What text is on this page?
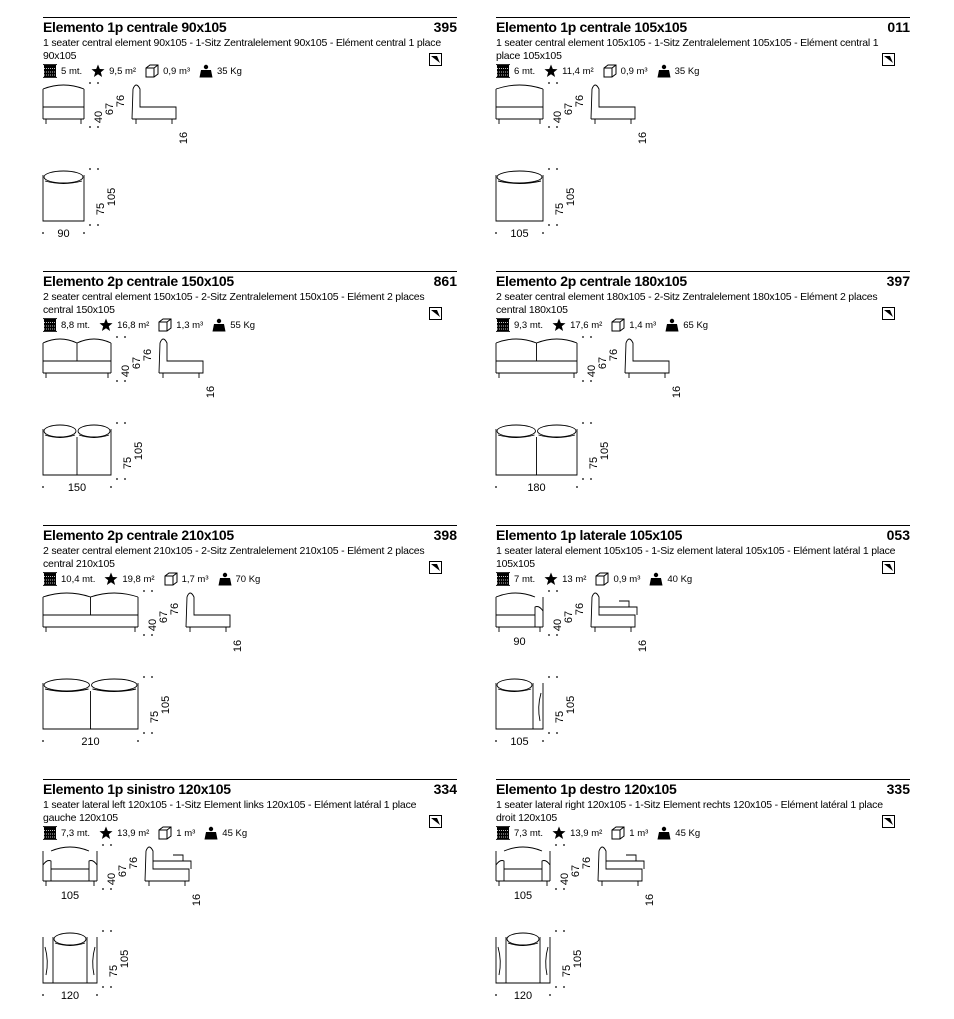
Elemento 1p centrale 90x105	395
1 seater central element 90x105 - 1-Sitz Zentralelement 90x105 - Elément central 1 place 90x105
5
mt.	9,5
m²	0,9
m³	35
Kg
40
67
76
16
75
105
90
Elemento 1p centrale 105x105	011
1 seater central element 105x105 - 1-Sitz Zentralelement 105x105 - Elément central 1 place 105x105
6
mt.	11,4
m²	0,9
m³	35
Kg
40
67
76
16
75
105
105
Elemento 2p centrale 150x105	861
2 seater central element 150x105 - 2-Sitz Zentralelement 150x105 - Elément 2 places central 150x105
8,8
mt.	16,8
m²	1,3
m³	55
Kg
40
67
76
16
75
105
150
Elemento 2p centrale 180x105	397
2 seater central element 180x105 - 2-Sitz Zentralelement 180x105 - Elément 2 places central 180x105
9,3
mt.	17,6
m²	1,4
m³	65
Kg
40
67
76
16
75
105
180
Elemento 2p centrale 210x105	398
2 seater central element 210x105 - 2-Sitz Zentralelement 210x105 - Elément 2 places central 210x105
10,4
mt.	19,8
m²	1,7
m³	70
Kg
40
67
76
16
75
105
210
Elemento 1p laterale 105x105	053
1 seater lateral element 105x105 - 1-Siz element lateral 105x105 - Elément latéral 1 place 105x105
7
mt.	13
m²	0,9
m³	40
Kg
40
67
76
16
75
105
105
90
Elemento 1p sinistro 120x105	334
1 seater lateral left 120x105 - 1-Sitz Element links 120x105 - Elément latéral 1 place gauche 120x105
7,3
mt.	13,9
m²	1
m³	45
Kg
40
67
76
16
75
105
120
105
Elemento 1p destro 120x105	335
1 seater lateral right 120x105 - 1-Sitz Element rechts 120x105 - Elément latéral 1 place droit 120x105
7,3
mt.	13,9
m²	1
m³	45
Kg
40
67
76
16
75
105
120
105
